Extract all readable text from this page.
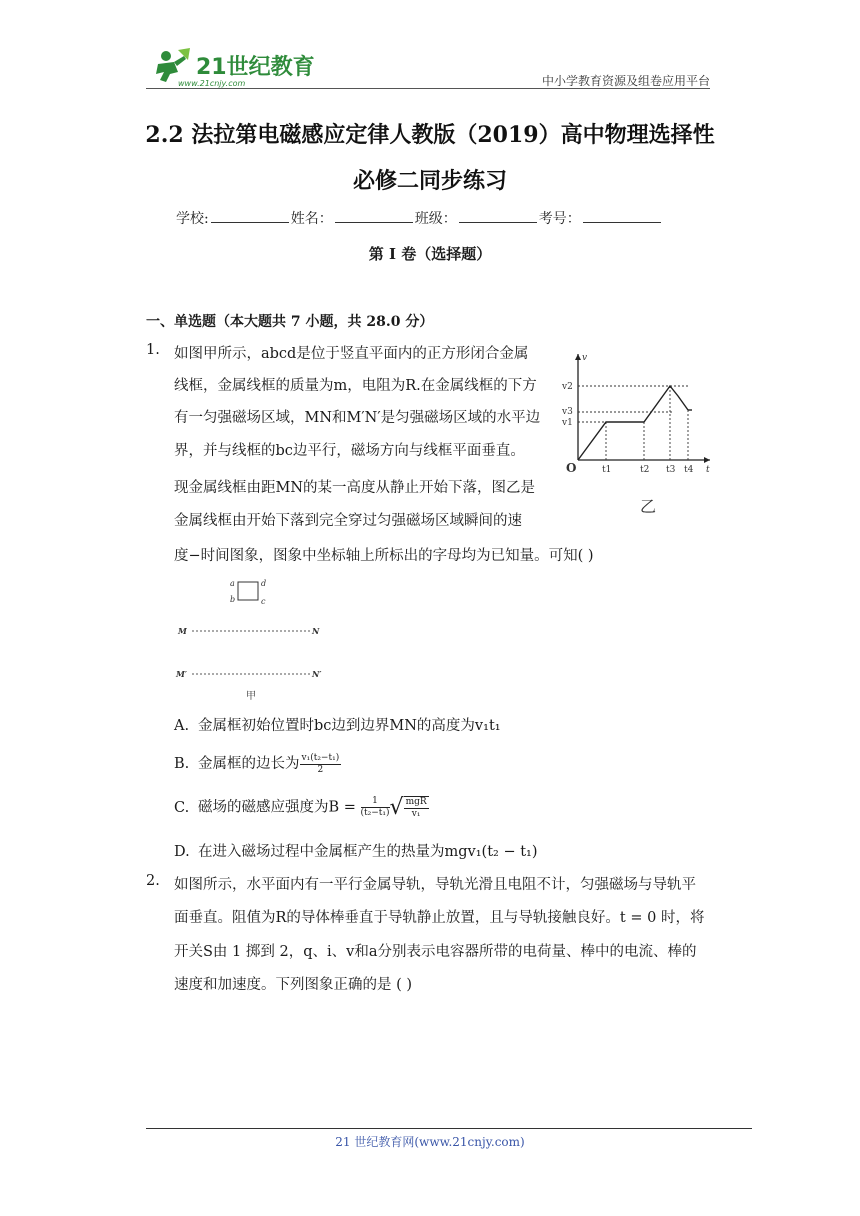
21世纪教育
www.21cnjy.com	中小学教育资源及组卷应用平台
2.2 法拉第电磁感应定律人教版（2019）高中物理选择性
必修二同步练习
学校:	姓名：	班级：	考号：
第 I 卷（选择题）
一、单选题（本大题共 7 小题，共 28.0 分）
1. 如图甲所示，abcd是位于竖直平面内的正方形闭合金属
线框，金属线框的质量为m，电阻为R.在金属线框的下方
有一匀强磁场区域，MN和M′N′是匀强磁场区域的水平边
界，并与线框的bc边平行，磁场方向与线框平面垂直。
现金属线框由距MN的某一高度从静止开始下落，图乙是
金属线框由开始下落到完全穿过匀强磁场区域瞬间的速
度−时间图象，图象中坐标轴上所标出的字母均为已知量。可知( )
v
t
O
v2
v3
v1
t1	t2 t3 t4
乙
a
b	c
d
M	N
M′	N′
甲
A. 金属框初始位置时bc边到边界MN的高度为v₁t₁
B. 金属框的边长为 $\frac{\text{v₁(t₂−t₁)}}{2}$
C. 磁场的磁感应强度为$B = \frac{1}{\text{(t₂−t₁)}}$ √ $\frac{\text{mgR}}{\text{v₁}}$
D. 在进入磁场过程中金属框产生的热量为mgv₁(t₂ − t₁)
2. 如图所示，水平面内有一平行金属导轨，导轨光滑且电阻不计，匀强磁场与导轨平
面垂直。阻值为R的导体棒垂直于导轨静止放置，且与导轨接触良好。t = 0 时，将
开关S由 1 掷到 2，q、i、v和a分别表示电容器所带的电荷量、棒中的电流、棒的
速度和加速度。下列图象正确的是 ( )
21 世纪教育网(www.21cnjy.com)
